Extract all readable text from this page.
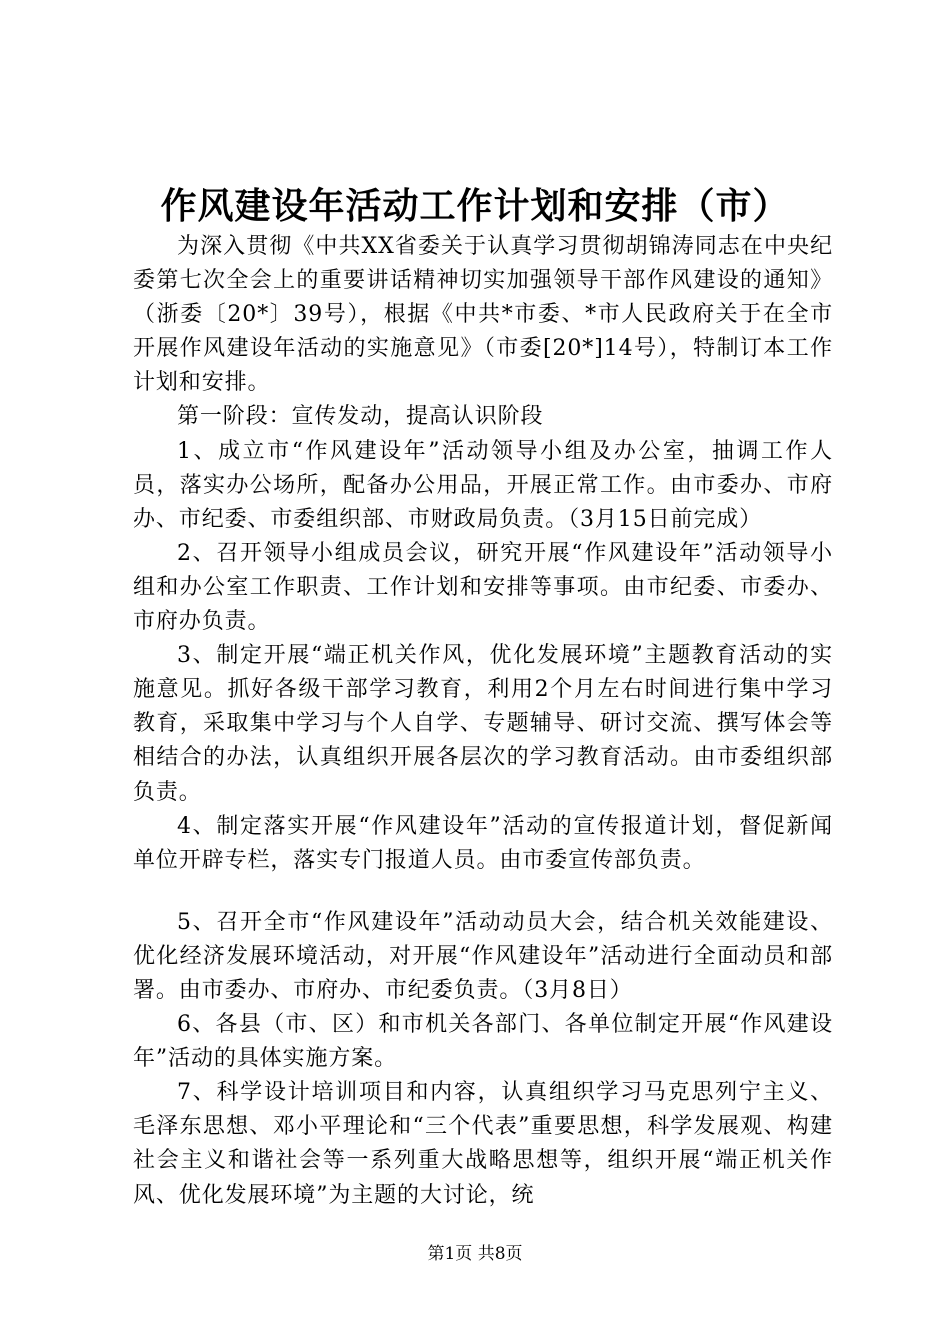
作风建设年活动工作计划和安排（市）

为深入贯彻《中共XX省委关于认真学习贯彻胡锦涛同志在中央纪委第七次全会上的重要讲话精神切实加强领导干部作风建设的通知》（浙委〔20*〕39号），根据《中共*市委、*市人民政府关于在全市开展作风建设年活动的实施意见》（市委[20*]14号），特制订本工作计划和安排。

第一阶段：宣传发动，提高认识阶段

1、成立市“作风建设年”活动领导小组及办公室，抽调工作人员，落实办公场所，配备办公用品，开展正常工作。由市委办、市府办、市纪委、市委组织部、市财政局负责。（3月15日前完成）

2、召开领导小组成员会议，研究开展“作风建设年”活动领导小组和办公室工作职责、工作计划和安排等事项。由市纪委、市委办、市府办负责。

3、制定开展“端正机关作风，优化发展环境”主题教育活动的实施意见。抓好各级干部学习教育，利用2个月左右时间进行集中学习教育，采取集中学习与个人自学、专题辅导、研讨交流、撰写体会等相结合的办法，认真组织开展各层次的学习教育活动。由市委组织部负责。

4、制定落实开展“作风建设年”活动的宣传报道计划，督促新闻单位开辟专栏，落实专门报道人员。由市委宣传部负责。

5、召开全市“作风建设年”活动动员大会，结合机关效能建设、优化经济发展环境活动，对开展“作风建设年”活动进行全面动员和部署。由市委办、市府办、市纪委负责。（3月8日）

6、各县（市、区）和市机关各部门、各单位制定开展“作风建设年”活动的具体实施方案。

7、科学设计培训项目和内容，认真组织学习马克思列宁主义、毛泽东思想、邓小平理论和“三个代表”重要思想，科学发展观、构建社会主义和谐社会等一系列重大战略思想等，组织开展“端正机关作风、优化发展环境”为主题的大讨论，统

第1页 共8页
